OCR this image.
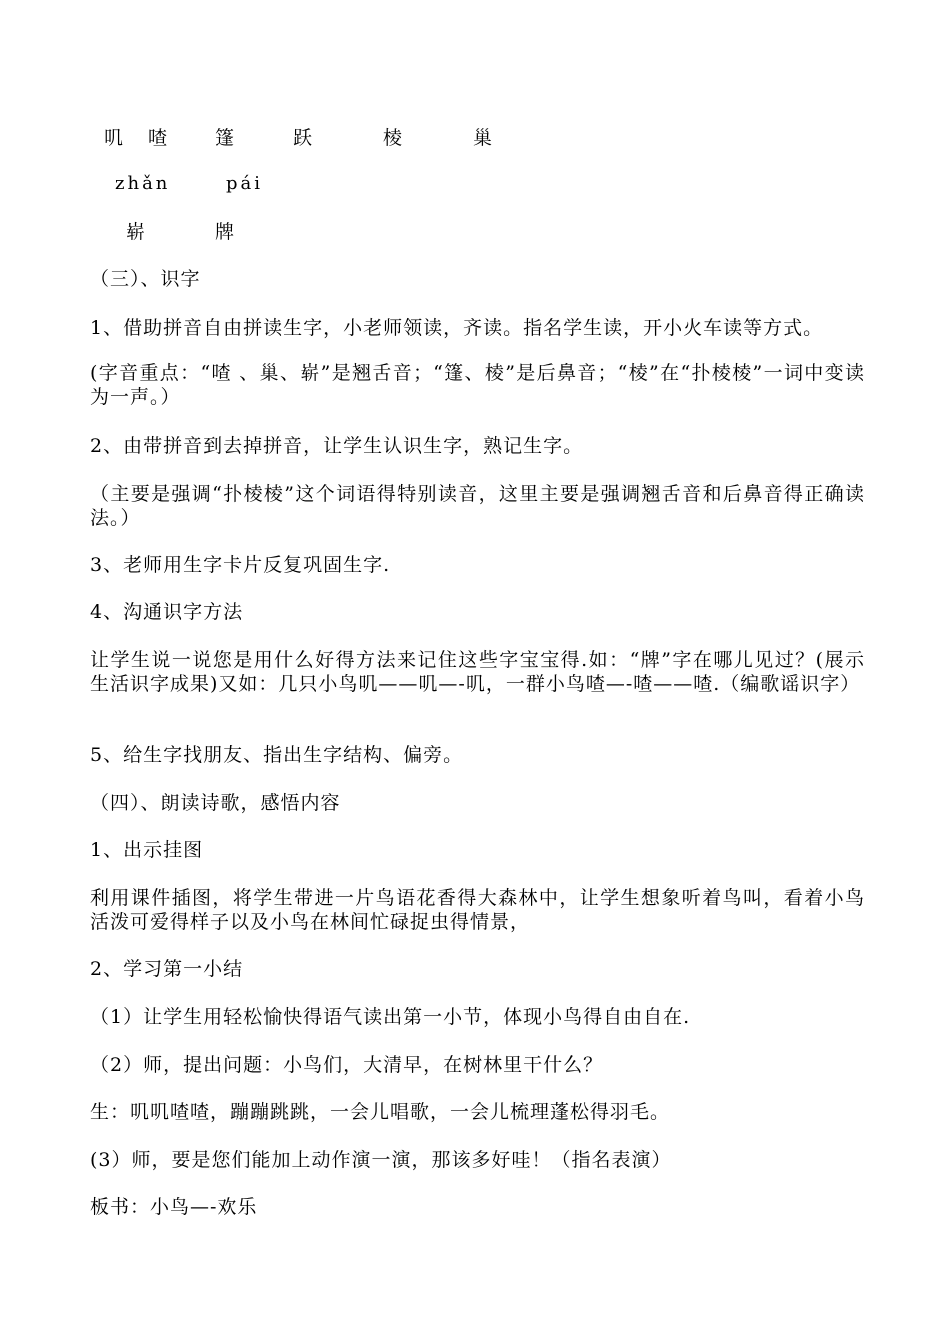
叽 喳	篷	跃	棱	巢
zhǎn	pái
崭	牌
（三）、识字
1、借助拼音自由拼读生字，小老师领读，齐读。指名学生读，开小火车读等方式。
(字音重点：“喳 、巢、崭”是翘舌音；“篷、棱”是后鼻音；“棱”在“扑棱棱”一词中变读为一声。）
2、由带拼音到去掉拼音，让学生认识生字，熟记生字。
（主要是强调“扑棱棱”这个词语得特别读音，这里主要是强调翘舌音和后鼻音得正确读法。）
3、老师用生字卡片反复巩固生字.
4、沟通识字方法
让学生说一说您是用什么好得方法来记住这些字宝宝得.如：“牌”字在哪儿见过？(展示生活识字成果)又如：几只小鸟叽——叽—-叽，一群小鸟喳—-喳——喳.（编歌谣识字）
5、给生字找朋友、指出生字结构、偏旁。
（四）、朗读诗歌，感悟内容
1、出示挂图
利用课件插图，将学生带进一片鸟语花香得大森林中，让学生想象听着鸟叫，看着小鸟活泼可爱得样子以及小鸟在林间忙碌捉虫得情景，
2、学习第一小结
（1）让学生用轻松愉快得语气读出第一小节，体现小鸟得自由自在.
（2）师，提出问题：小鸟们，大清早，在树林里干什么？
生：叽叽喳喳，蹦蹦跳跳，一会儿唱歌，一会儿梳理蓬松得羽毛。
(3）师，要是您们能加上动作演一演，那该多好哇！（指名表演）
板书：小鸟—-欢乐
